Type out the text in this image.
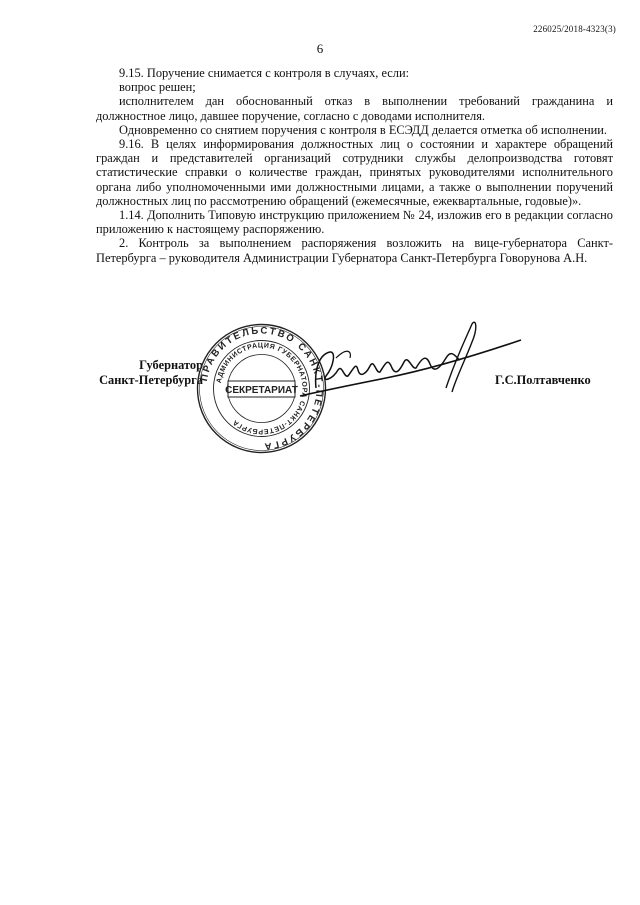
226025/2018-4323(3)
6

9.15. Поручение снимается с контроля в случаях, если:

вопрос решен;

исполнителем дан обоснованный отказ в выполнении требований гражданина и должностное лицо, давшее поручение, согласно с доводами исполнителя.

Одновременно со снятием поручения с контроля в ЕСЭДД делается отметка об исполнении.

9.16. В целях информирования должностных лиц о состоянии и характере обращений граждан и представителей организаций сотрудники службы делопроизводства готовят статистические справки о количестве граждан, принятых руководителями исполнительного органа либо уполномоченными ими должностными лицами, а также о выполнении поручений должностных лиц по рассмотрению обращений (ежемесячные, ежеквартальные, годовые)».

1.14. Дополнить Типовую инструкцию приложением № 24, изложив его в редакции согласно приложению к настоящему распоряжению.

2. Контроль за выполнением распоряжения возложить на вице-губернатора Санкт-Петербурга – руководителя Администрации Губернатора Санкт-Петербурга Говорунова А.Н.

Губернатор
Санкт-Петербурга
ПРАВИТЕЛЬСТВО САНКТ-ПЕТЕРБУРГА
АДМИНИСТРАЦИЯ ГУБЕРНАТОРА САНКТ-ПЕТЕРБУРГА
СЕКРЕТАРИАТ
Г.С.Полтавченко
